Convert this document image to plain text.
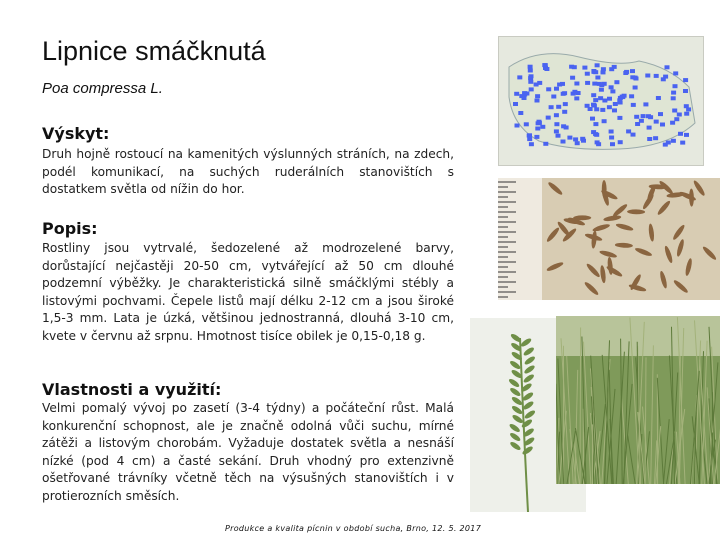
Lipnice smáčknutá
Poa compressa L.
Výskyt:
Druh hojně rostoucí na kamenitých výslunných stráních, na zdech, podél komunikací, na suchých ruderálních stanovištích s dostatkem světla od nížin do hor.
Popis:
Rostliny jsou vytrvalé, šedozelené až modrozelené barvy, dorůstající nejčastěji 20-50 cm, vytvářející až 50 cm dlouhé podzemní výběžky. Je charakteristická silně smáčklými stébly a listovými pochvami. Čepele listů mají délku 2-12 cm a jsou široké 1,5-3 mm. Lata je úzká, většinou jednostranná, dlouhá 3-10 cm, kvete v červnu až srpnu. Hmotnost tisíce obilek je 0,15-0,18 g.
Vlastnosti a využití:
Velmi pomalý vývoj po zasetí (3-4 týdny) a počáteční růst. Malá konkurenční schopnost, ale je značně odolná vůči suchu, mírné zátěži a listovým chorobám. Vyžaduje dostatek světla a nesnáší nízké (pod 4 cm) a časté sekání. Druh vhodný pro extenzivně ošetřované trávníky včetně těch na výsušných stanovištích i v protierozních směsích.
Produkce a kvalita pícnin v období sucha, Brno, 12. 5. 2017
